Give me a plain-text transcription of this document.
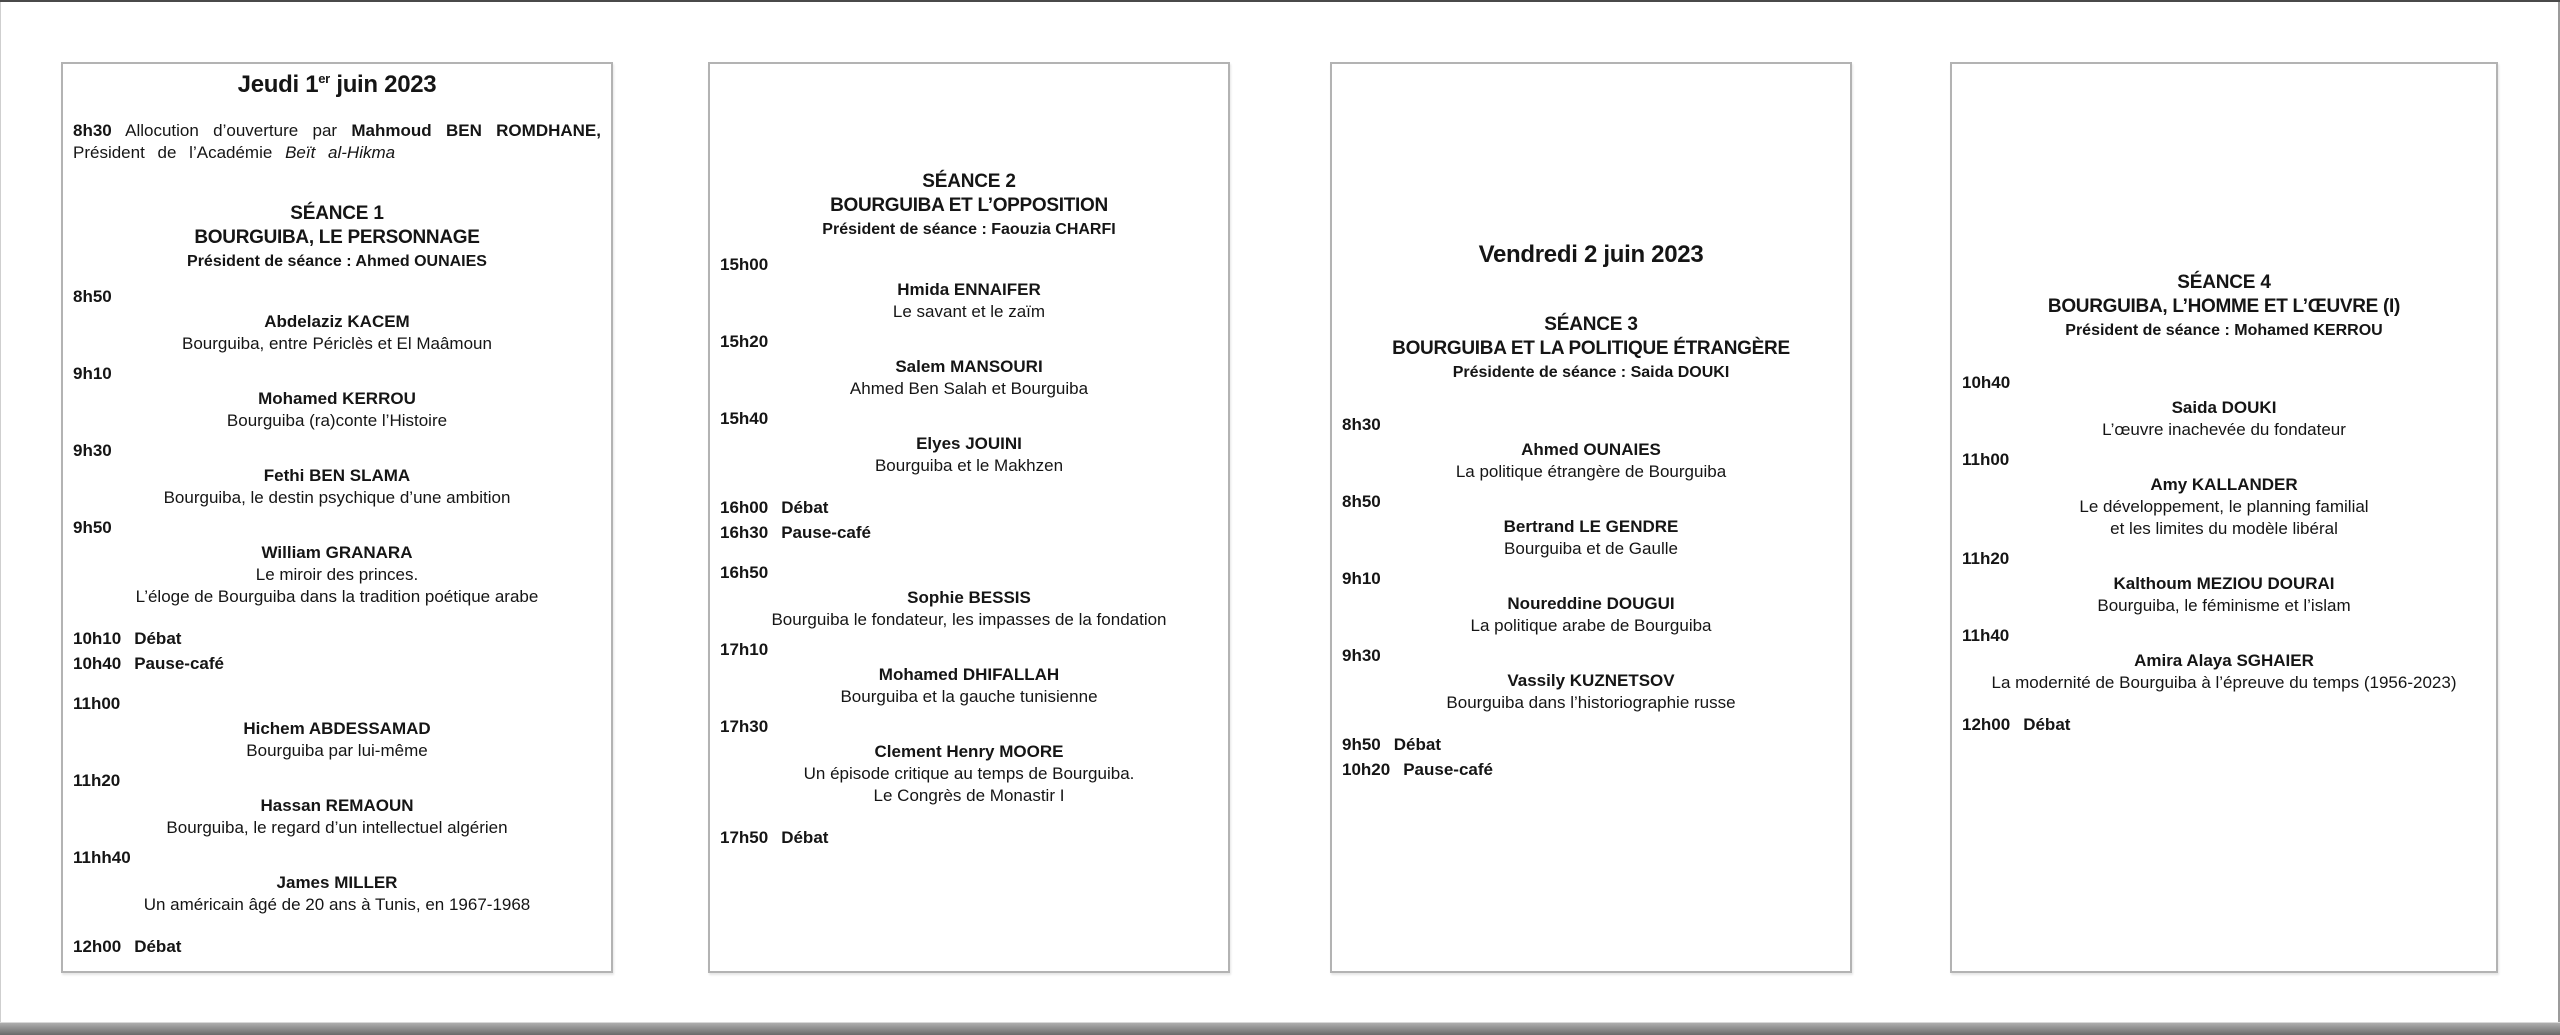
Jeudi 1er juin 2023
8h30 Allocution d’ouverture par Mahmoud BEN ROMDHANE,
Président de l’Académie Beït al-Hikma
SÉANCE 1
BOURGUIBA, LE PERSONNAGE
Président de séance : Ahmed OUNAIES
8h50
Abdelaziz KACEM
Bourguiba, entre Périclès et El Maâmoun
9h10
Mohamed KERROU
Bourguiba (ra)conte l’Histoire
9h30
Fethi BEN SLAMA
Bourguiba, le destin psychique d’une ambition
9h50
William GRANARA
Le miroir des princes.
L’éloge de Bourguiba dans la tradition poétique arabe
10h10 Débat
10h40 Pause-café
11h00
Hichem ABDESSAMAD
Bourguiba par lui-même
11h20
Hassan REMAOUN
Bourguiba, le regard d’un intellectuel algérien
11hh40
James MILLER
Un américain âgé de 20 ans à Tunis, en 1967-1968
12h00 Débat
SÉANCE 2
BOURGUIBA ET L’OPPOSITION
Président de séance : Faouzia CHARFI
15h00
Hmida ENNAIFER
Le savant et le zaïm
15h20
Salem MANSOURI
Ahmed Ben Salah et Bourguiba
15h40
Elyes JOUINI
Bourguiba et le Makhzen
16h00 Débat
16h30 Pause-café
16h50
Sophie BESSIS
Bourguiba le fondateur, les impasses de la fondation
17h10
Mohamed DHIFALLAH
Bourguiba et la gauche tunisienne
17h30
Clement Henry MOORE
Un épisode critique au temps de Bourguiba.
Le Congrès de Monastir I
17h50 Débat
Vendredi 2 juin 2023
SÉANCE 3
BOURGUIBA ET LA POLITIQUE ÉTRANGÈRE
Présidente de séance : Saida DOUKI
8h30
Ahmed OUNAIES
La politique étrangère de Bourguiba
8h50
Bertrand LE GENDRE
Bourguiba et de Gaulle
9h10
Noureddine DOUGUI
La politique arabe de Bourguiba
9h30
Vassily KUZNETSOV
Bourguiba dans l’historiographie russe
9h50 Débat
10h20 Pause-café
SÉANCE 4
BOURGUIBA, L’HOMME ET L’ŒUVRE (I)
Président de séance : Mohamed KERROU
10h40
Saida DOUKI
L’œuvre inachevée du fondateur
11h00
Amy KALLANDER
Le développement, le planning familial
et les limites du modèle libéral
11h20
Kalthoum MEZIOU DOURAI
Bourguiba, le féminisme et l’islam
11h40
Amira Alaya SGHAIER
La modernité de Bourguiba à l’épreuve du temps (1956-2023)
12h00 Débat
